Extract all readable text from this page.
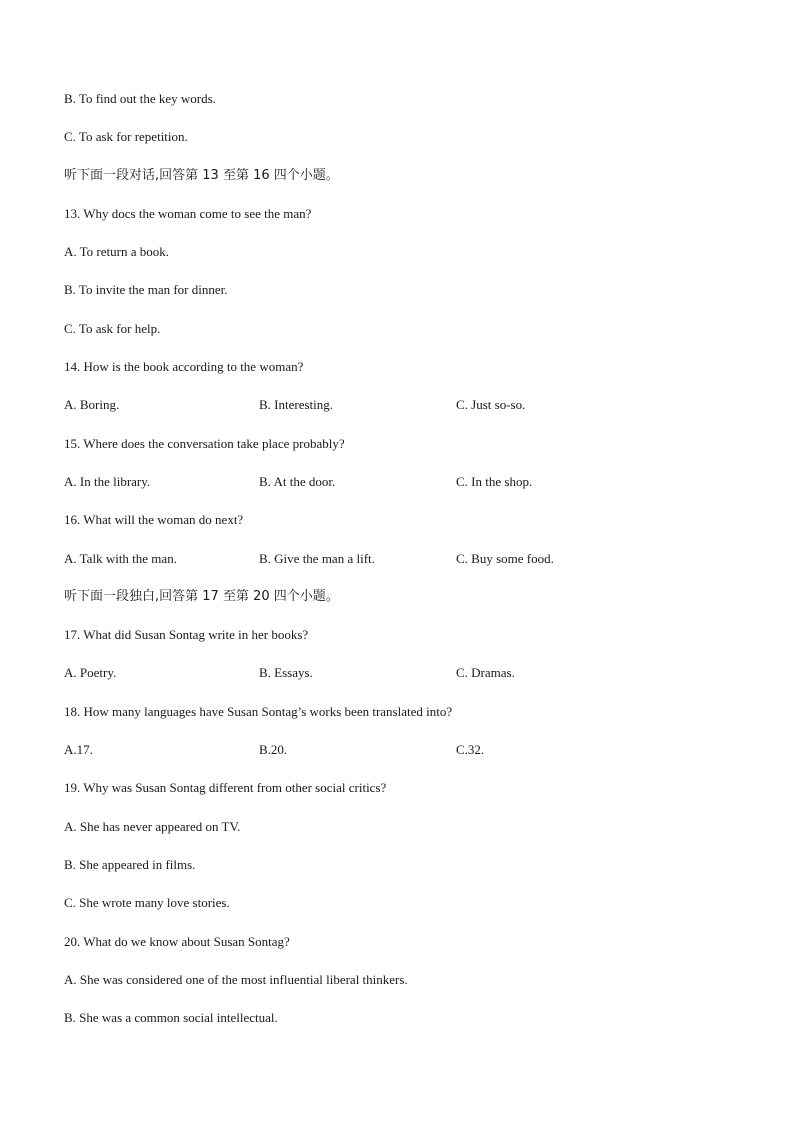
B. To find out the key words.
C. To ask for repetition.
听下面一段对话,回答第 13 至第 16 四个小题。
13. Why docs the woman come to see the man?
A. To return a book.
B. To invite the man for dinner.
C. To ask for help.
14. How is the book according to the woman?
A. Boring.	B. Interesting.	C. Just so-so.
15. Where does the conversation take place probably?
A. In the library.	B. At the door.	C. In the shop.
16. What will the woman do next?
A. Talk with the man.	B. Give the man a lift.	C. Buy some food.
听下面一段独白,回答第 17 至第 20 四个小题。
17. What did Susan Sontag write in her books?
A. Poetry.	B. Essays.	C. Dramas.
18. How many languages have Susan Sontag’s works been translated into?
A.17.	B.20.	C.32.
19. Why was Susan Sontag different from other social critics?
A. She has never appeared on TV.
B. She appeared in films.
C. She wrote many love stories.
20. What do we know about Susan Sontag?
A. She was considered one of the most influential liberal thinkers.
B. She was a common social intellectual.
